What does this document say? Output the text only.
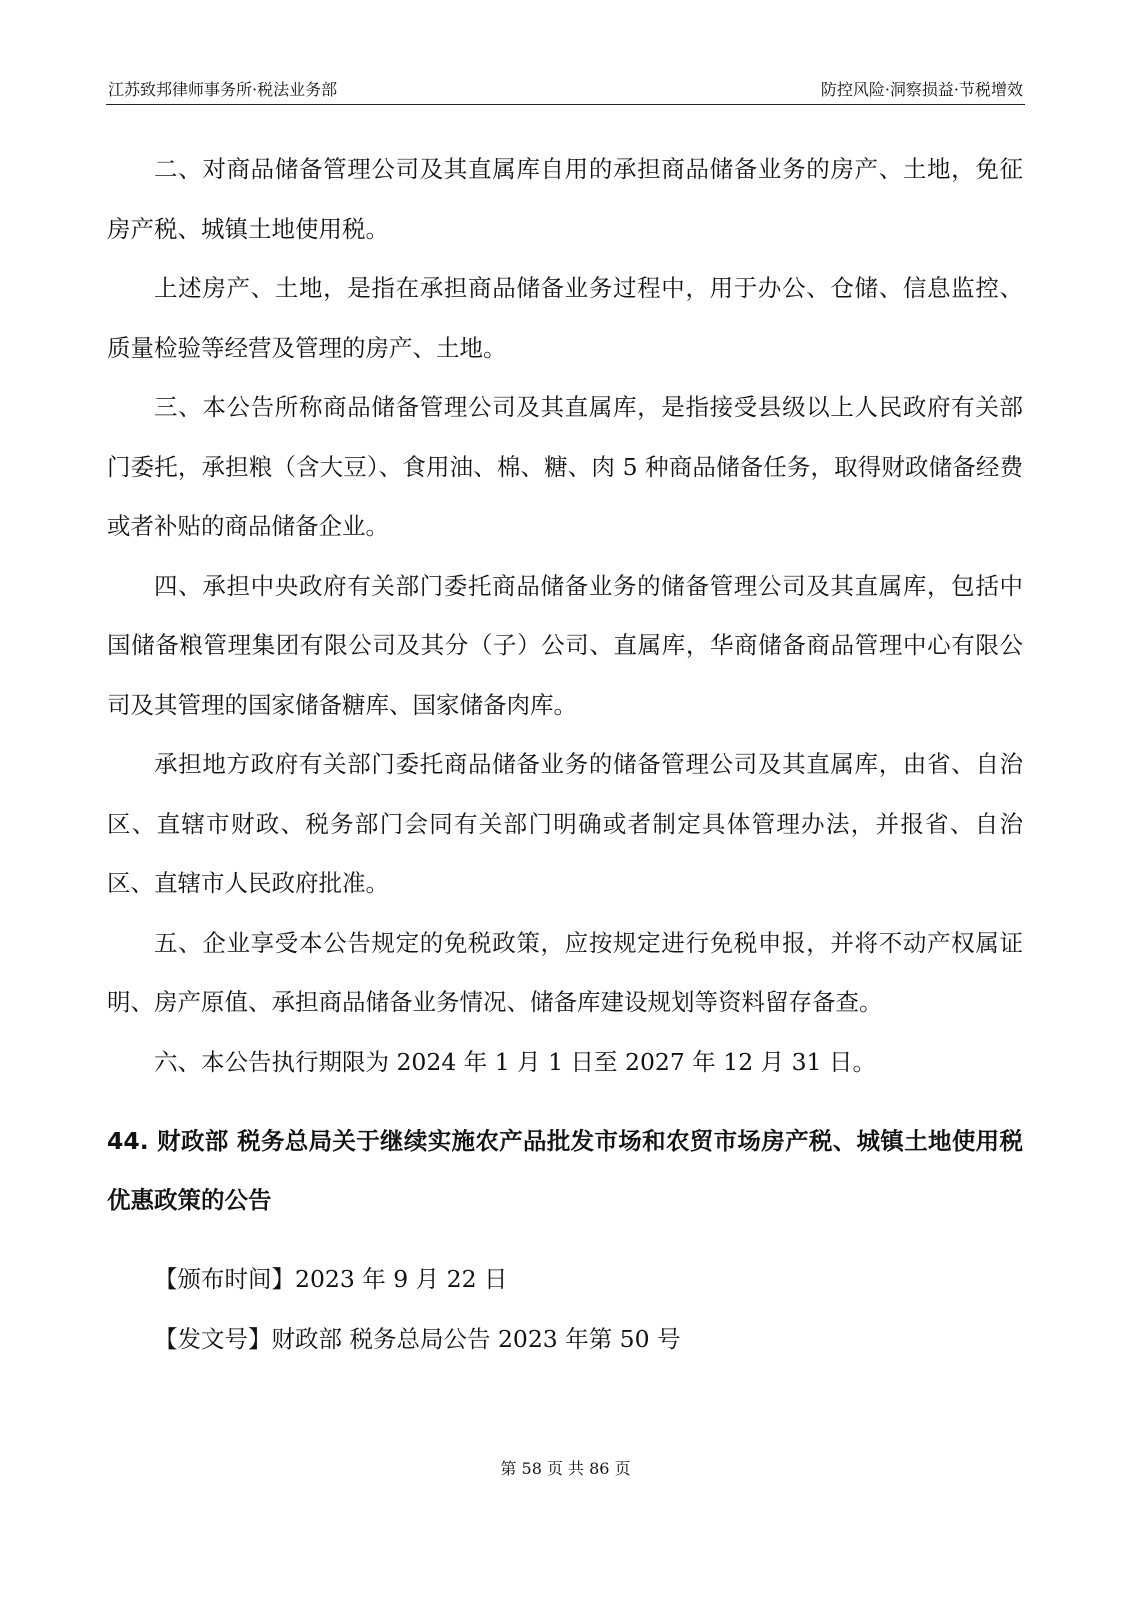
江苏致邦律师事务所·税法业务部	防控风险·洞察损益·节税增效

二、对商品储备管理公司及其直属库自用的承担商品储备业务的房产、土地，免征房产税、城镇土地使用税。

上述房产、土地，是指在承担商品储备业务过程中，用于办公、仓储、信息监控、质量检验等经营及管理的房产、土地。

三、本公告所称商品储备管理公司及其直属库，是指接受县级以上人民政府有关部门委托，承担粮（含大豆）、食用油、棉、糖、肉 5 种商品储备任务，取得财政储备经费或者补贴的商品储备企业。

四、承担中央政府有关部门委托商品储备业务的储备管理公司及其直属库，包括中国储备粮管理集团有限公司及其分（子）公司、直属库，华商储备商品管理中心有限公司及其管理的国家储备糖库、国家储备肉库。

承担地方政府有关部门委托商品储备业务的储备管理公司及其直属库，由省、自治区、直辖市财政、税务部门会同有关部门明确或者制定具体管理办法，并报省、自治区、直辖市人民政府批准。

五、企业享受本公告规定的免税政策，应按规定进行免税申报，并将不动产权属证明、房产原值、承担商品储备业务情况、储备库建设规划等资料留存备查。

六、本公告执行期限为 2024 年 1 月 1 日至 2027 年 12 月 31 日。

44. 财政部 税务总局关于继续实施农产品批发市场和农贸市场房产税、城镇土地使用税优惠政策的公告

【颁布时间】2023 年 9 月 22 日

【发文号】财政部 税务总局公告 2023 年第 50 号

第 58 页 共 86 页
